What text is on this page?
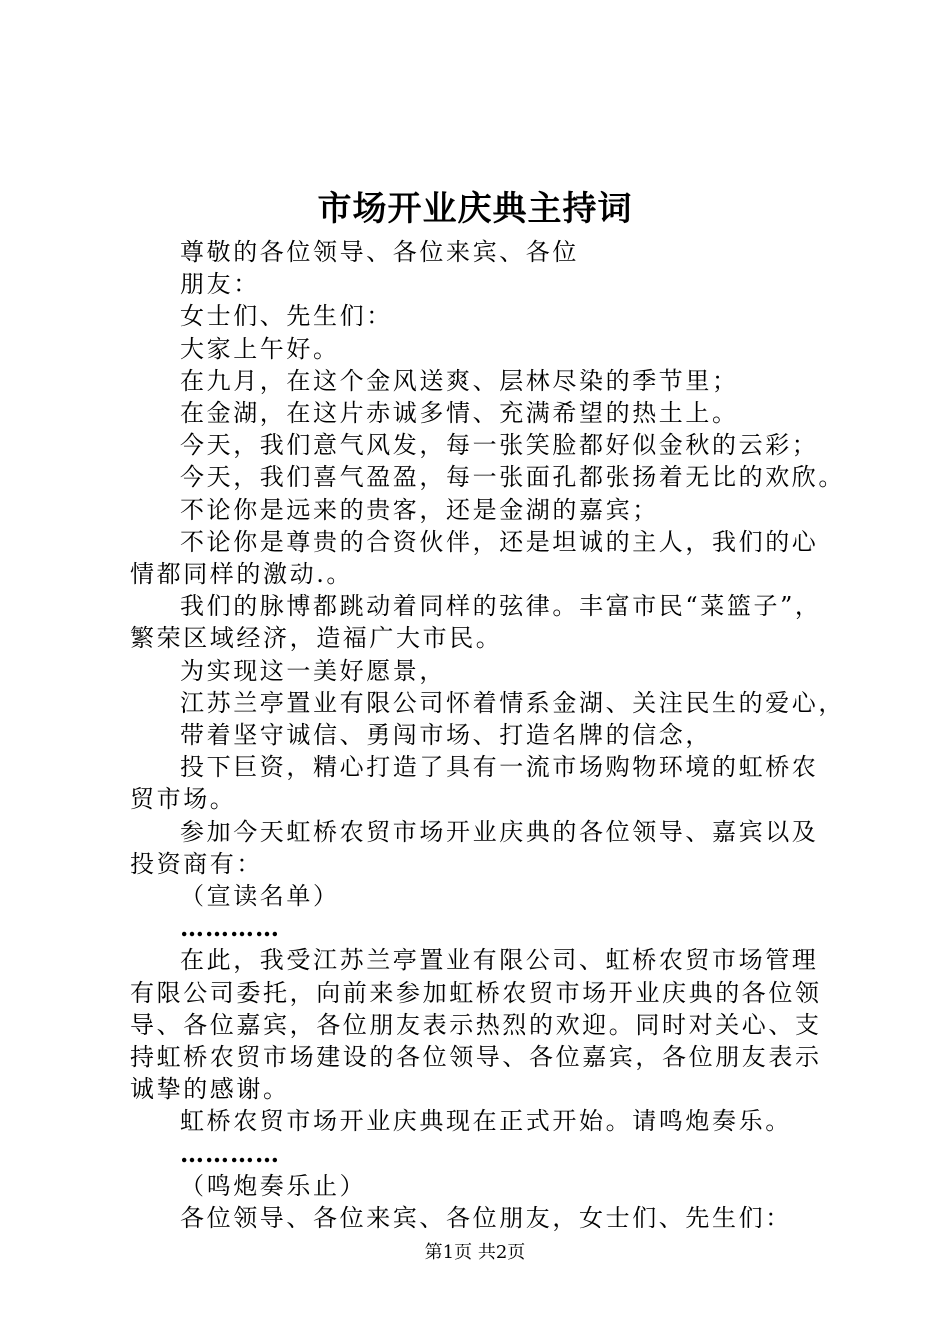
市场开业庆典主持词

尊敬的各位领导、各位来宾、各位

朋友：

女士们、先生们：

大家上午好。

在九月，在这个金风送爽、层林尽染的季节里；

在金湖，在这片赤诚多情、充满希望的热土上。

今天，我们意气风发，每一张笑脸都好似金秋的云彩；

今天，我们喜气盈盈，每一张面孔都张扬着无比的欢欣。

不论你是远来的贵客，还是金湖的嘉宾；

不论你是尊贵的合资伙伴，还是坦诚的主人，我们的心情都同样的激动.。

我们的脉博都跳动着同样的弦律。丰富市民“菜篮子”，繁荣区域经济，造福广大市民。

为实现这一美好愿景，

江苏兰亭置业有限公司怀着情系金湖、关注民生的爱心，

带着坚守诚信、勇闯市场、打造名牌的信念，

投下巨资，精心打造了具有一流市场购物环境的虹桥农贸市场。

参加今天虹桥农贸市场开业庆典的各位领导、嘉宾以及投资商有：

（宣读名单）

…………

在此，我受江苏兰亭置业有限公司、虹桥农贸市场管理有限公司委托，向前来参加虹桥农贸市场开业庆典的各位领导、各位嘉宾，各位朋友表示热烈的欢迎。同时对关心、支持虹桥农贸市场建设的各位领导、各位嘉宾，各位朋友表示诚挚的感谢。

虹桥农贸市场开业庆典现在正式开始。请鸣炮奏乐。

…………

（鸣炮奏乐止）

各位领导、各位来宾、各位朋友，女士们、先生们：

第1页 共2页
